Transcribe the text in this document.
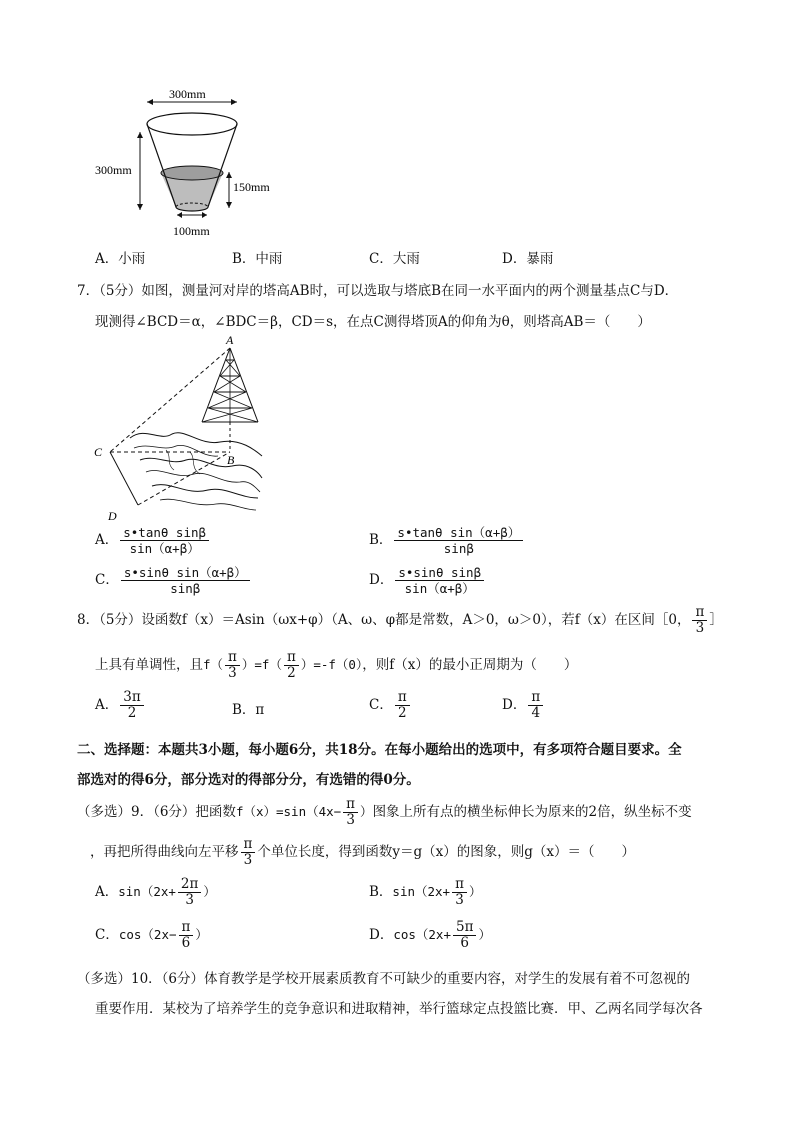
300mm
300mm
150mm
100mm
A．小雨	B．中雨	C．大雨	D．暴雨
7．（5分）如图，测量河对岸的塔高AB时，可以选取与塔底B在同一水平面内的两个测量基点C与D．
现测得∠BCD＝α，∠BDC＝β，CD＝s，在点C测得塔顶A的仰角为θ，则塔高AB＝（　　）
A
B
C
D
A． $\frac{\text{s•tanθ sinβ}}{\sin(\alpha+\beta)}$	B． $\frac{\text{s•tanθ sin（α+β）}}{\sin\beta}$
C． $\frac{\text{s•sinθ sin（α+β）}}{\sin\beta}$	D． $\frac{\text{s•sinθ sinβ}}{\sin(\alpha+\beta)}$
8．（5分）设函数f（x）＝Asin（ωx+φ）（A、ω、φ都是常数，A＞0，ω＞0），若f（x）在区间［0， $\frac{\pi}{3}$ ］
上具有单调性，且$f( \frac{\pi}{3} )=f( \frac{\pi}{2} )=-f(0)$，则f（x）的最小正周期为（　　）
A． $\frac{3\pi}{2}$	B．π	C． $\frac{\pi}{2}$	D． $\frac{\pi}{4}$
二、选择题：本题共3小题，每小题6分，共18分。在每小题给出的选项中，有多项符合题目要求。全
部选对的得6分，部分选对的得部分分，有选错的得0分。
（多选）9．（6分）把函数$f(x)=\sin(4x- \frac{\pi}{3}$ ）图象上所有点的横坐标伸长为原来的2倍，纵坐标不变
，再把所得曲线向左平移 $\frac{\pi}{3}$ 个单位长度，得到函数y＝g（x）的图象，则g（x）＝（　　）
A．$\sin(2x+ \frac{2\pi}{3}$ ）	B．$\sin(2x+ \frac{\pi}{3}$ ）
C．$\cos(2x- \frac{\pi}{6}$ ）	D．$\cos(2x+ \frac{5\pi}{6}$ ）
（多选）10．（6分）体育教学是学校开展素质教育不可缺少的重要内容，对学生的发展有着不可忽视的
重要作用．某校为了培养学生的竞争意识和进取精神，举行篮球定点投篮比赛．甲、乙两名同学每次各
